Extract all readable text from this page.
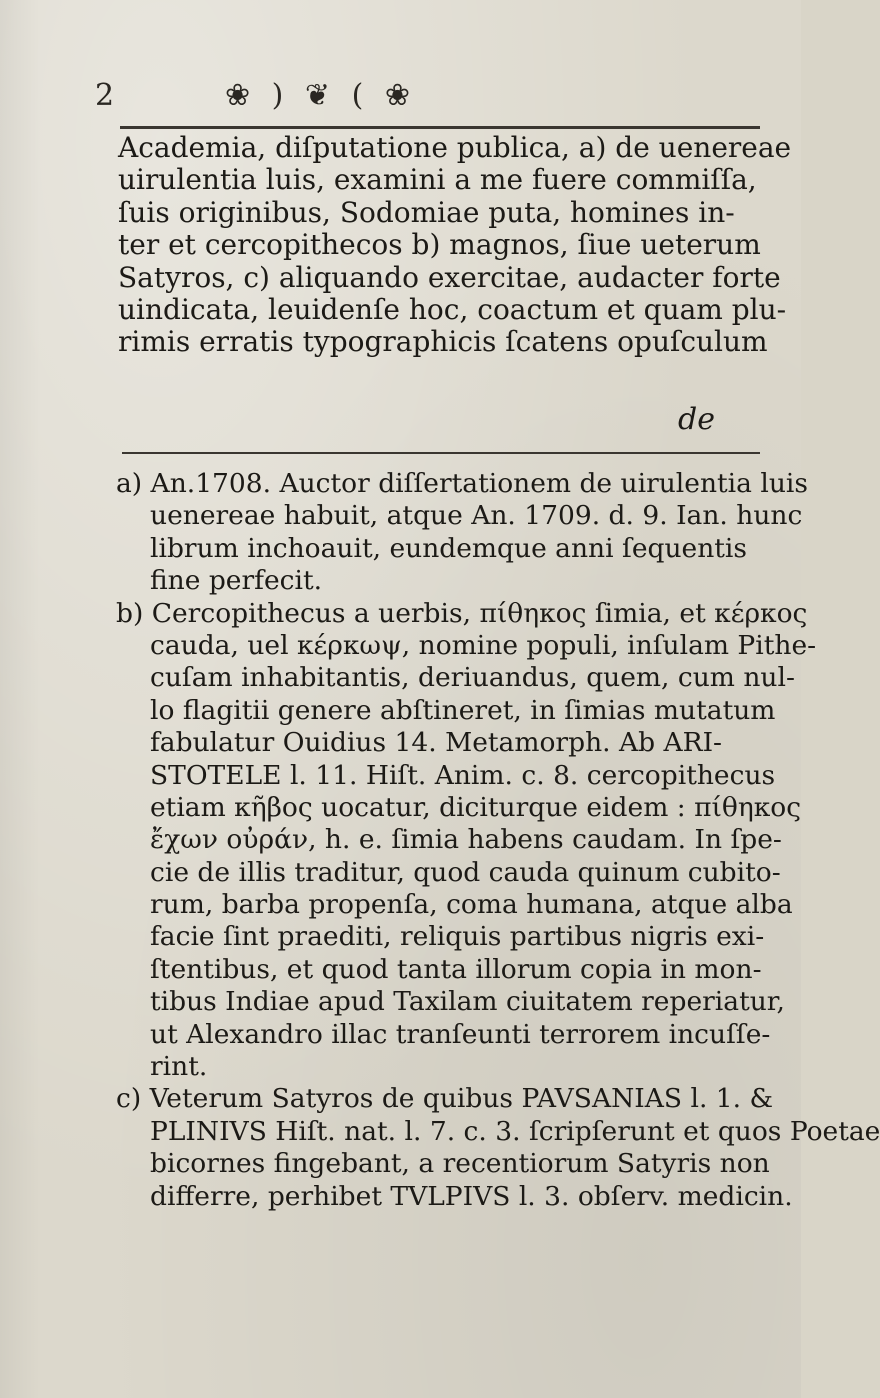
2	❀ ) ❦ ( ❀
Academia, diſputatione publica, a) de uenereae
uirulentia luis, examini a me fuere commiſſa,
ſuis originibus, Sodomiae puta, homines in-
ter et cercopithecos b) magnos, ſiue ueterum
Satyros, c) aliquando exercitae, audacter forte
uindicata, leuidenſe hoc, coactum et quam plu-
rimis erratis typographicis ſcatens opuſculum
de
a) An.1708. Auctor diſſertationem de uirulentia luis
uenereae habuit, atque An. 1709. d. 9. Ian. hunc
librum inchoauit, eundemque anni ſequentis
fine perfecit.
b) Cercopithecus a uerbis, πίθηκος ſimia, et κέρκος
cauda, uel κέρκωψ, nomine populi, inſulam Pithe-
cuſam inhabitantis, deriuandus, quem, cum nul-
lo flagitii genere abſtineret, in ſimias mutatum
fabulatur Ouidius 14. Metamorph. Ab ARI-
STOTELE l. 11. Hiſt. Anim. c. 8. cercopithecus
etiam κῆβος uocatur, diciturque eidem : πίθηκος
ἔχων οὐράν, h. e. ſimia habens caudam. In ſpe-
cie de illis traditur, quod cauda quinum cubito-
rum, barba propenſa, coma humana, atque alba
facie ſint praediti, reliquis partibus nigris exi-
ſtentibus, et quod tanta illorum copia in mon-
tibus Indiae apud Taxilam ciuitatem reperiatur,
ut Alexandro illac tranſeunti terrorem incuſſe-
rint.
c) Veterum Satyros de quibus PAVSANIAS l. 1. &
PLINIVS Hiſt. nat. l. 7. c. 3. ſcripſerunt et quos Poetae
bicornes fingebant, a recentiorum Satyris non
differre, perhibet TVLPIVS l. 3. obſerv. medicin.
